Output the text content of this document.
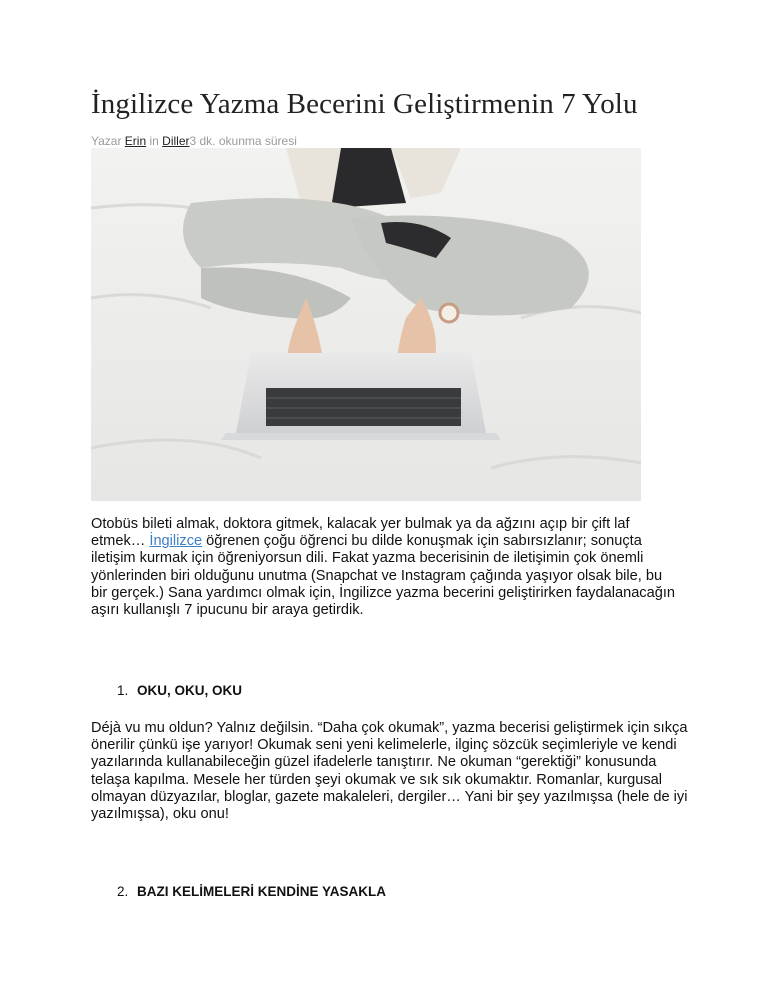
İngilizce Yazma Becerini Geliştirmenin 7 Yolu
Yazar Erin in Diller3 dk. okunma süresi

Otobüs bileti almak, doktora gitmek, kalacak yer bulmak ya da ağzını açıp bir çift laf etmek… İngilizce öğrenen çoğu öğrenci bu dilde konuşmak için sabırsızlanır; sonuçta iletişim kurmak için öğreniyorsun dili. Fakat yazma becerisinin de iletişimin çok önemli yönlerinden biri olduğunu unutma (Snapchat ve Instagram çağında yaşıyor olsak bile, bu bir gerçek.) Sana yardımcı olmak için, İngilizce yazma becerini geliştirirken faydalanacağın aşırı kullanışlı 7 ipucunu bir araya getirdik.

1. OKU, OKU, OKU

Déjà vu mu oldun? Yalnız değilsin. “Daha çok okumak”, yazma becerisi geliştirmek için sıkça önerilir çünkü işe yarıyor! Okumak seni yeni kelimelerle, ilginç sözcük seçimleriyle ve kendi yazılarında kullanabileceğin güzel ifadelerle tanıştırır. Ne okuman “gerektiği” konusunda telaşa kapılma. Mesele her türden şeyi okumak ve sık sık okumaktır. Romanlar, kurgusal olmayan düzyazılar, bloglar, gazete makaleleri, dergiler… Yani bir şey yazılmışsa (hele de iyi yazılmışsa), oku onu!

2. BAZI KELİMELERİ KENDİNE YASAKLA
